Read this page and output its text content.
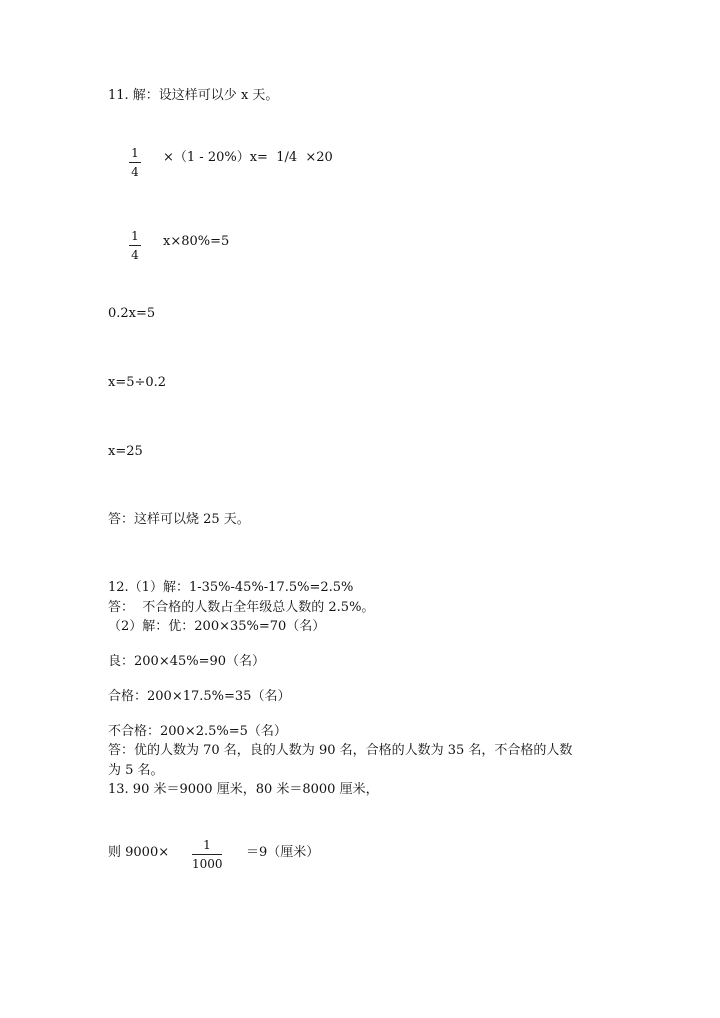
11. 解：设这样可以少 x 天。
1
4
×（1 - 20%）x=  1/4  ×20
1
4
x×80%=5
0.2x=5
x=5÷0.2
x=25
答：这样可以烧 25 天。
12.（1）解：1-35%-45%-17.5%=2.5%
答：  不合格的人数占全年级总人数的 2.5%。
（2）解：优：200×35%=70（名）
良：200×45%=90（名）
合格：200×17.5%=35（名）
不合格：200×2.5%=5（名）
答：优的人数为 70 名，良的人数为 90 名，合格的人数为 35 名，不合格的人数
为 5 名。
13. 90 米＝9000 厘米，80 米＝8000 厘米，
则 9000×	1
1000
＝9（厘米）
